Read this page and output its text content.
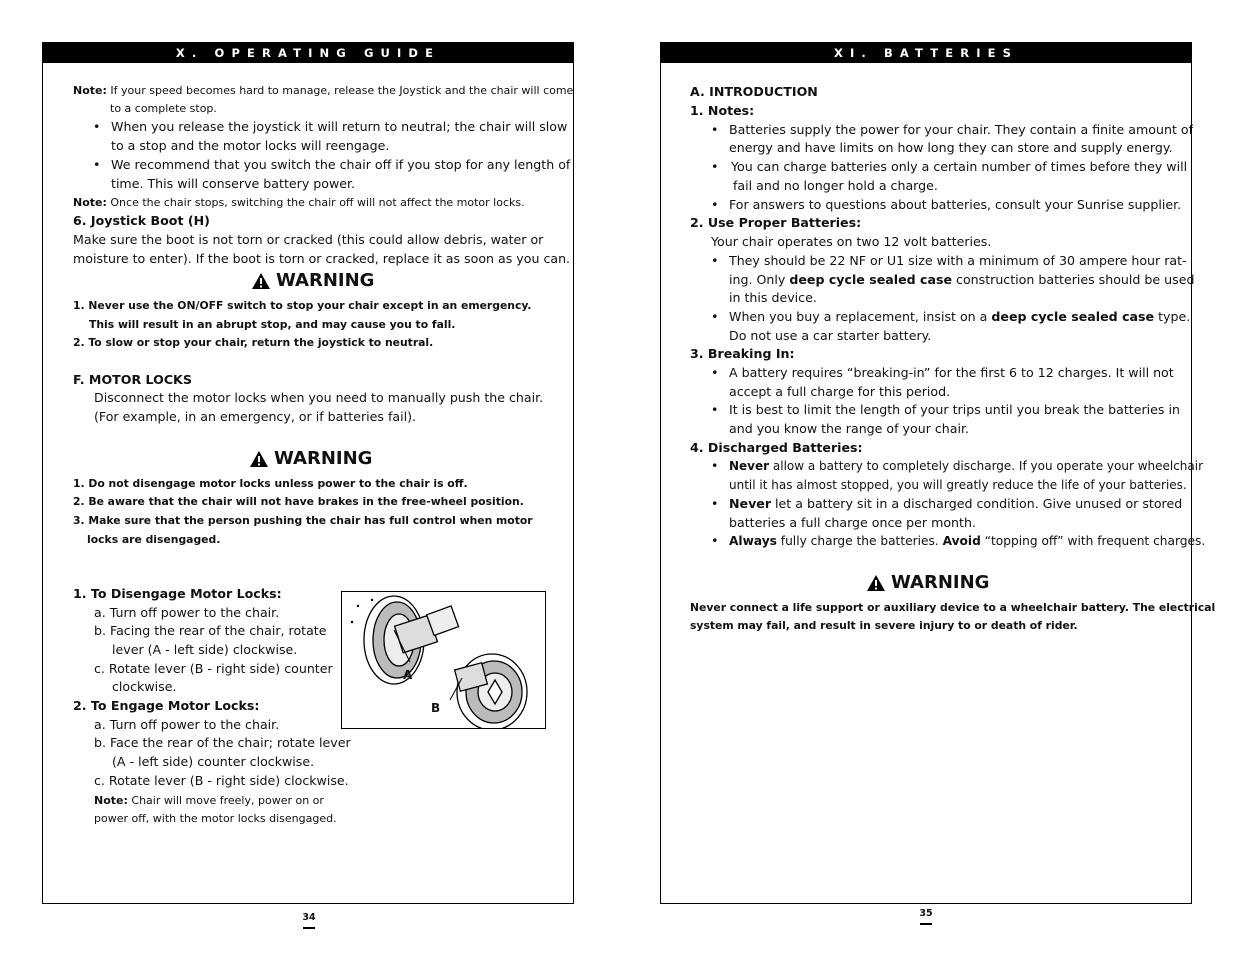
X. OPERATING GUIDE
Note: If your speed becomes hard to manage, release the Joystick and the chair will come
to a complete stop.
• When you release the joystick it will return to neutral; the chair will slow
to a stop and the motor locks will reengage.
• We recommend that you switch the chair off if you stop for any length of
time. This will conserve battery power.
Note: Once the chair stops, switching the chair off will not affect the motor locks.
6. Joystick Boot (H)
Make sure the boot is not torn or cracked (this could allow debris, water or
moisture to enter). If the boot is torn or cracked, replace it as soon as you can.
WARNING
1. Never use the ON/OFF switch to stop your chair except in an emergency.
This will result in an abrupt stop, and may cause you to fall.
2. To slow or stop your chair, return the joystick to neutral.
F. MOTOR LOCKS
Disconnect the motor locks when you need to manually push the chair.
(For example, in an emergency, or if batteries fail).
WARNING
1. Do not disengage motor locks unless power to the chair is off.
2. Be aware that the chair will not have brakes in the free-wheel position.
3. Make sure that the person pushing the chair has full control when motor
locks are disengaged.
1. To Disengage Motor Locks:
a. Turn off power to the chair.
b. Facing the rear of the chair, rotate
lever (A - left side) clockwise.
c. Rotate lever (B - right side) counter
clockwise.
2. To Engage Motor Locks:
a. Turn off power to the chair.
b. Face the rear of the chair; rotate lever
(A - left side) counter clockwise.
c. Rotate lever (B - right side) clockwise.
Note: Chair will move freely, power on or
power off, with the motor locks disengaged.
A
B
34
XI. BATTERIES
A. INTRODUCTION
1. Notes:
• Batteries supply the power for your chair. They contain a finite amount of
energy and have limits on how long they can store and supply energy.
• You can charge batteries only a certain number of times before they will
fail and no longer hold a charge.
• For answers to questions about batteries, consult your Sunrise supplier.
2. Use Proper Batteries:
Your chair operates on two 12 volt batteries.
• They should be 22 NF or U1 size with a minimum of 30 ampere hour rat-
ing. Only deep cycle sealed case construction batteries should be used
in this device.
• When you buy a replacement, insist on a deep cycle sealed case type.
Do not use a car starter battery.
3. Breaking In:
• A battery requires “breaking-in” for the first 6 to 12 charges. It will not
accept a full charge for this period.
• It is best to limit the length of your trips until you break the batteries in
and you know the range of your chair.
4. Discharged Batteries:
• Never allow a battery to completely discharge. If you operate your wheelchair
until it has almost stopped, you will greatly reduce the life of your batteries.
• Never let a battery sit in a discharged condition. Give unused or stored
batteries a full charge once per month.
• Always fully charge the batteries. Avoid “topping off” with frequent charges.
WARNING
Never connect a life support or auxiliary device to a wheelchair battery. The electrical
system may fail, and result in severe injury to or death of rider.
35
